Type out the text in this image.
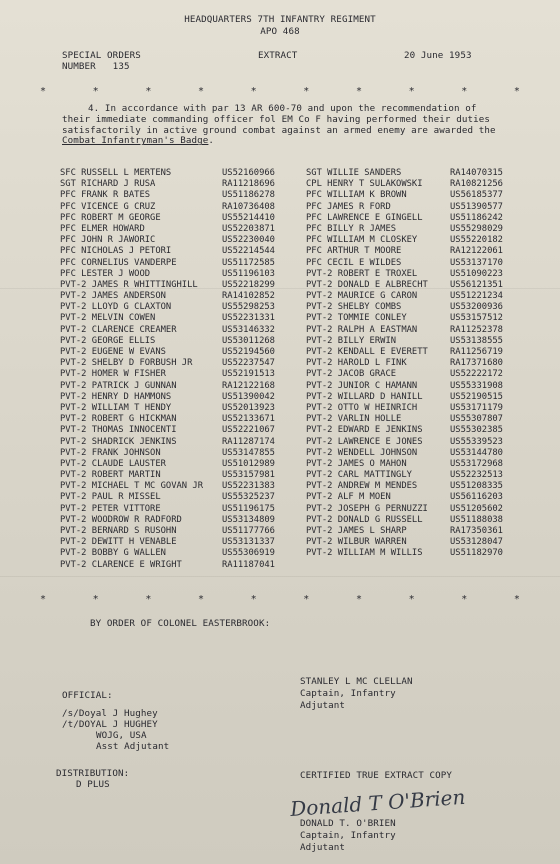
HEADQUARTERS 7TH INFANTRY REGIMENT
APO 468
SPECIAL ORDERS
NUMBER   135
EXTRACT	20 June 1953
*	*	*	*	*	*	*	*	*	*
4. In accordance with par 13 AR 600-70 and upon the recommendation of their immediate commanding officer fol EM Co F having performed their duties satisfactorily in active ground combat against an armed enemy are awarded the Combat Infantryman's Badge.
SFC RUSSELL L MERTENS	US52160966	SGT WILLIE SANDERS	RA14070315
SGT RICHARD J RUSA	RA11218696	CPL HENRY T SULAKOWSKI	RA10821256
PFC FRANK R BATES	US51186278	PFC WILLIAM K BROWN	US56185377
PFC VICENCE G CRUZ	RA10736408	PFC JAMES R FORD	US51390577
PFC ROBERT M GEORGE	US55214410	PFC LAWRENCE E GINGELL	US51186242
PFC ELMER HOWARD	US52203871	PFC BILLY R JAMES	US55298029
PFC JOHN R JAWORIC	US52230040	PFC WILLIAM M CLOSKEY	US55220182
PFC NICHOLAS J PETORI	US52214544	PFC ARTHUR T MOORE	RA12122061
PFC CORNELIUS VANDERPE	US51172585	PFC CECIL E WILDES	US53137170
PFC LESTER J WOOD	US51196103	PVT-2 ROBERT E TROXEL	US51090223
PVT-2 JAMES R WHITTINGHILL	US52218299	PVT-2 DONALD E ALBRECHT	US56121351
PVT-2 JAMES ANDERSON	RA14102852	PVT-2 MAURICE G CARON	US51221234
PVT-2 LLOYD G CLAXTON	US55298253	PVT-2 SHELBY COMBS	US53200936
PVT-2 MELVIN COWEN	US52231331	PVT-2 TOMMIE CONLEY	US53157512
PVT-2 CLARENCE CREAMER	US53146332	PVT-2 RALPH A EASTMAN	RA11252378
PVT-2 GEORGE ELLIS	US53011268	PVT-2 BILLY ERWIN	US53138555
PVT-2 EUGENE W EVANS	US52194560	PVT-2 KENDALL E EVERETT	RA11256719
PVT-2 SHELBY D FORBUSH JR	US52237547	PVT-2 HAROLD L FINK	RA17371680
PVT-2 HOMER W FISHER	US52191513	PVT-2 JACOB GRACE	US52222172
PVT-2 PATRICK J GUNNAN	RA12122168	PVT-2 JUNIOR C HAMANN	US55331908
PVT-2 HENRY D HAMMONS	US51390042	PVT-2 WILLARD D HANILL	US52190515
PVT-2 WILLIAM T HENDY	US52013923	PVT-2 OTTO W HEINRICH	US53171179
PVT-2 ROBERT G HICKMAN	US52133671	PVT-2 VARLIN HOLLE	US55307807
PVT-2 THOMAS INNOCENTI	US52221067	PVT-2 EDWARD E JENKINS	US55302385
PVT-2 SHADRICK JENKINS	RA11287174	PVT-2 LAWRENCE E JONES	US55339523
PVT-2 FRANK JOHNSON	US53147855	PVT-2 WENDELL JOHNSON	US53144780
PVT-2 CLAUDE LAUSTER	US51012989	PVT-2 JAMES O MAHON	US53172968
PVT-2 ROBERT MARTIN	US53157981	PVT-2 CARL MATTINGLY	US52232513
PVT-2 MICHAEL T MC GOVAN JR US52231383	PVT-2 ANDREW M MENDES	US51208335
PVT-2 PAUL R MISSEL	US55325237	PVT-2 ALF M MOEN	US56116203
PVT-2 PETER VITTORE	US51196175	PVT-2 JOSEPH G PERNUZZI	US51205602
PVT-2 WOODROW R RADFORD	US53134809	PVT-2 DONALD G RUSSELL	US51188038
PVT-2 BERNARD S RUSOHN	US51177766	PVT-2 JAMES L SHARP	RA17350361
PVT-2 DEWITT H VENABLE	US53131337	PVT-2 WILBUR WARREN	US53128047
PVT-2 BOBBY G WALLEN	US55306919	PVT-2 WILLIAM M WILLIS	US51182970
PVT-2 CLARENCE E WRIGHT	RA11187041
*	*	*	*	*	*	*	*	*	*
BY ORDER OF COLONEL EASTERBROOK:
STANLEY L MC CLELLAN
Captain, Infantry
Adjutant
OFFICIAL:
/s/Doyal J Hughey
/t/DOYAL J HUGHEY
WOJG, USA
Asst Adjutant
DISTRIBUTION:
D PLUS
CERTIFIED TRUE EXTRACT COPY
Donald T O'Brien
DONALD T. O'BRIEN
Captain, Infantry
Adjutant
